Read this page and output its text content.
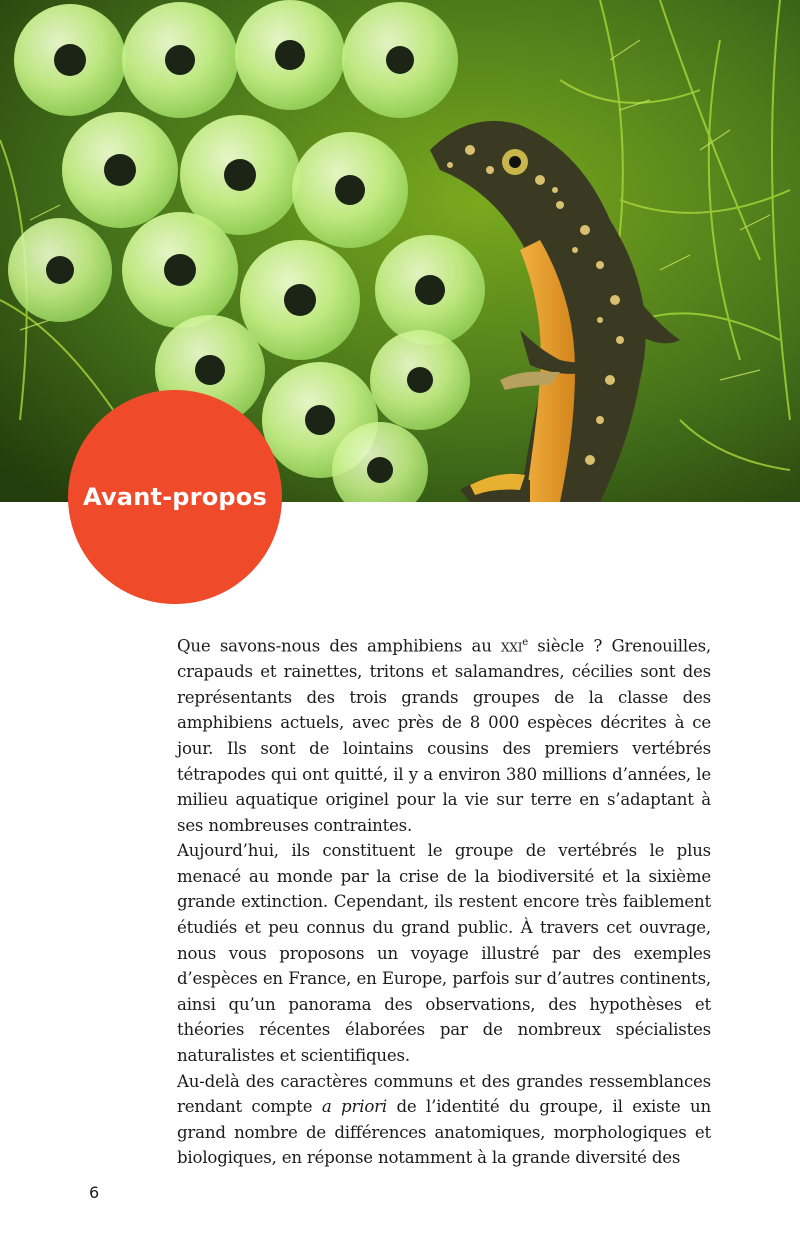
Avant-propos

Que savons-nous des amphibiens au xxi$^e$ siècle ? Grenouilles, crapauds et rainettes, tritons et salamandres, cécilies sont des représentants des trois grands groupes de la classe des amphibiens actuels, avec près de 8 000 espèces décrites à ce jour. Ils sont de lointains cousins des premiers vertébrés tétrapodes qui ont quitté, il y a environ 380 millions d’années, le milieu aquatique originel pour la vie sur terre en s’adaptant à ses nombreuses contraintes.

Aujourd’hui, ils constituent le groupe de vertébrés le plus menacé au monde par la crise de la biodiversité et la sixième grande extinction. Cependant, ils restent encore très faiblement étudiés et peu connus du grand public. À travers cet ouvrage, nous vous proposons un voyage illustré par des exemples d’espèces en France, en Europe, parfois sur d’autres continents, ainsi qu’un panorama des observations, des hypothèses et théories récentes élaborées par de nombreux spécialistes naturalistes et scientifiques.

Au-delà des caractères communs et des grandes ressemblances rendant compte a priori de l’identité du groupe, il existe un grand nombre de différences anatomiques, morphologiques et biologiques, en réponse notamment à la grande diversité des

6
